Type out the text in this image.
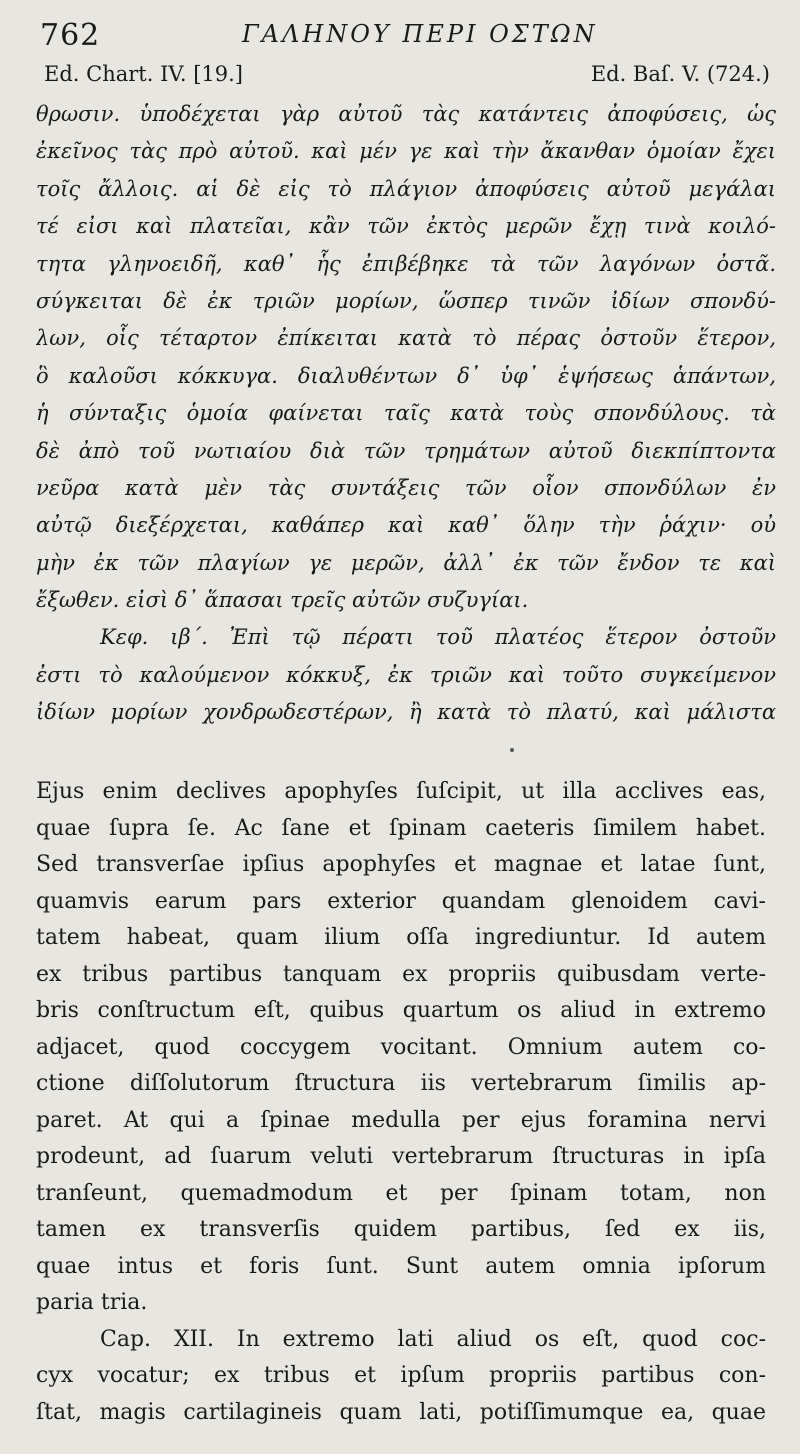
762	ΓΑΛΗΝΟΥ ΠΕΡΙ ΟΣΤΩΝ
Ed. Chart. IV. [19.]	Ed. Baſ. V. (724.)
θρωσιν. ὑποδέχεται γὰρ αὐτοῦ τὰς κατάντεις ἀποφύσεις, ὡς
ἐκεῖνος τὰς πρὸ αὐτοῦ. καὶ μέν γε καὶ τὴν ἄκανθαν ὁμοίαν ἔχει
τοῖς ἄλλοις. αἱ δὲ εἰς τὸ πλάγιον ἀποφύσεις αὐτοῦ μεγάλαι
τέ εἰσι καὶ πλατεῖαι, κἂν τῶν ἐκτὸς μερῶν ἔχῃ τινὰ κοιλό-
τητα γληνοειδῆ, καθ᾽ ἧς ἐπιβέβηκε τὰ τῶν λαγόνων ὀστᾶ.
σύγκειται δὲ ἐκ τριῶν μορίων, ὥσπερ τινῶν ἰδίων σπονδύ-
λων, οἷς τέταρτον ἐπίκειται κατὰ τὸ πέρας ὀστοῦν ἕτερον,
ὃ καλοῦσι κόκκυγα. διαλυθέντων δ᾽ ὑφ᾽ ἑψήσεως ἁπάντων,
ἡ σύνταξις ὁμοία φαίνεται ταῖς κατὰ τοὺς σπονδύλους. τὰ
δὲ ἀπὸ τοῦ νωτιαίου διὰ τῶν τρημάτων αὐτοῦ διεκπίπτοντα
νεῦρα κατὰ μὲν τὰς συντάξεις τῶν οἷον σπονδύλων ἐν
αὐτῷ διεξέρχεται, καθάπερ καὶ καθ᾽ ὅλην τὴν ῥάχιν· οὐ
μὴν ἐκ τῶν πλαγίων γε μερῶν, ἀλλ᾽ ἐκ τῶν ἔνδον τε καὶ
ἔξωθεν. εἰσὶ δ᾽ ἅπασαι τρεῖς αὐτῶν συζυγίαι.
Κεφ. ιβ΄. Ἐπὶ τῷ πέρατι τοῦ πλατέος ἕτερον ὀστοῦν
ἐστι τὸ καλούμενον κόκκυξ, ἐκ τριῶν καὶ τοῦτο συγκείμενον
ἰδίων μορίων χονδρωδεστέρων, ἢ κατὰ τὸ πλατύ, καὶ μάλιστα
Ejus enim declives apophyſes ſuſcipit, ut illa acclives eas,
quae ſupra ſe. Ac ſane et ſpinam caeteris ſimilem habet.
Sed transverſae ipſius apophyſes et magnae et latae ſunt,
quamvis earum pars exterior quandam glenoidem cavi-
tatem habeat, quam ilium oſſa ingrediuntur. Id autem
ex tribus partibus tanquam ex propriis quibusdam verte-
bris conſtructum eſt, quibus quartum os aliud in extremo
adjacet, quod coccygem vocitant. Omnium autem co-
ctione diſſolutorum ſtructura iis vertebrarum ſimilis ap-
paret. At qui a ſpinae medulla per ejus foramina nervi
prodeunt, ad ſuarum veluti vertebrarum ſtructuras in ipſa
tranſeunt, quemadmodum et per ſpinam totam, non
tamen ex transverſis quidem partibus, ſed ex iis,
quae intus et foris ſunt. Sunt autem omnia ipſorum
paria tria.
Cap. XII. In extremo lati aliud os eſt, quod coc-
cyx vocatur; ex tribus et ipſum propriis partibus con-
ſtat, magis cartilagineis quam lati, potiſſimumque ea, quae
